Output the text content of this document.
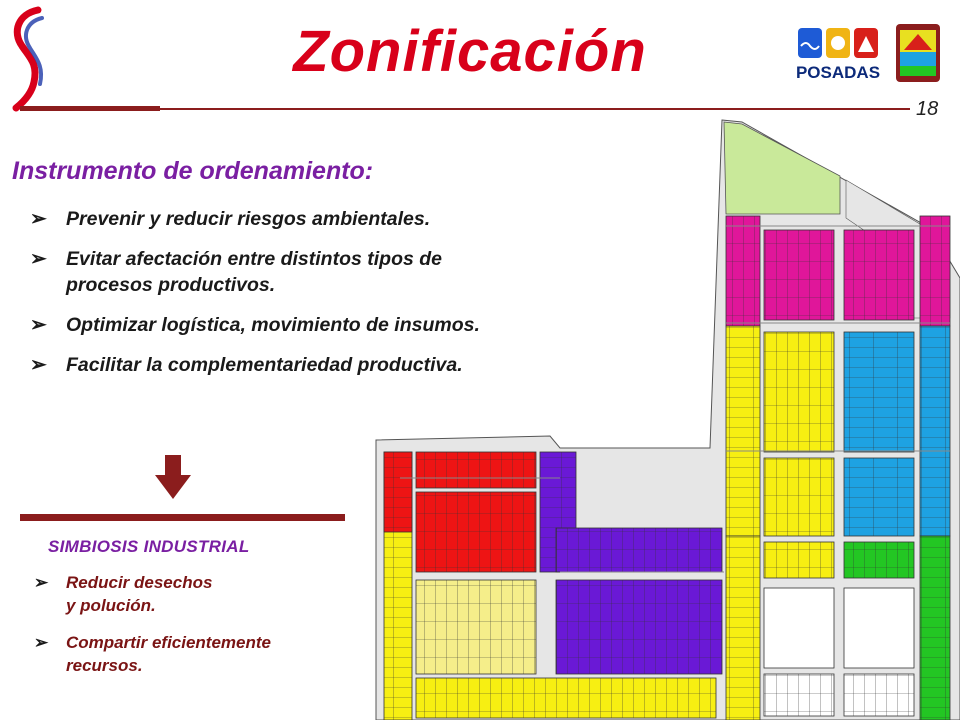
Zonificación
18
POSADAS
Instrumento de ordenamiento:
➢ Prevenir y reducir riesgos ambientales.
➢ Evitar afectación entre distintos tipos de
procesos productivos.
➢ Optimizar logística, movimiento de insumos.
➢ Facilitar la complementariedad productiva.
SIMBIOSIS INDUSTRIAL
➢ Reducir desechos
y polución.
➢ Compartir eficientemente
recursos.
